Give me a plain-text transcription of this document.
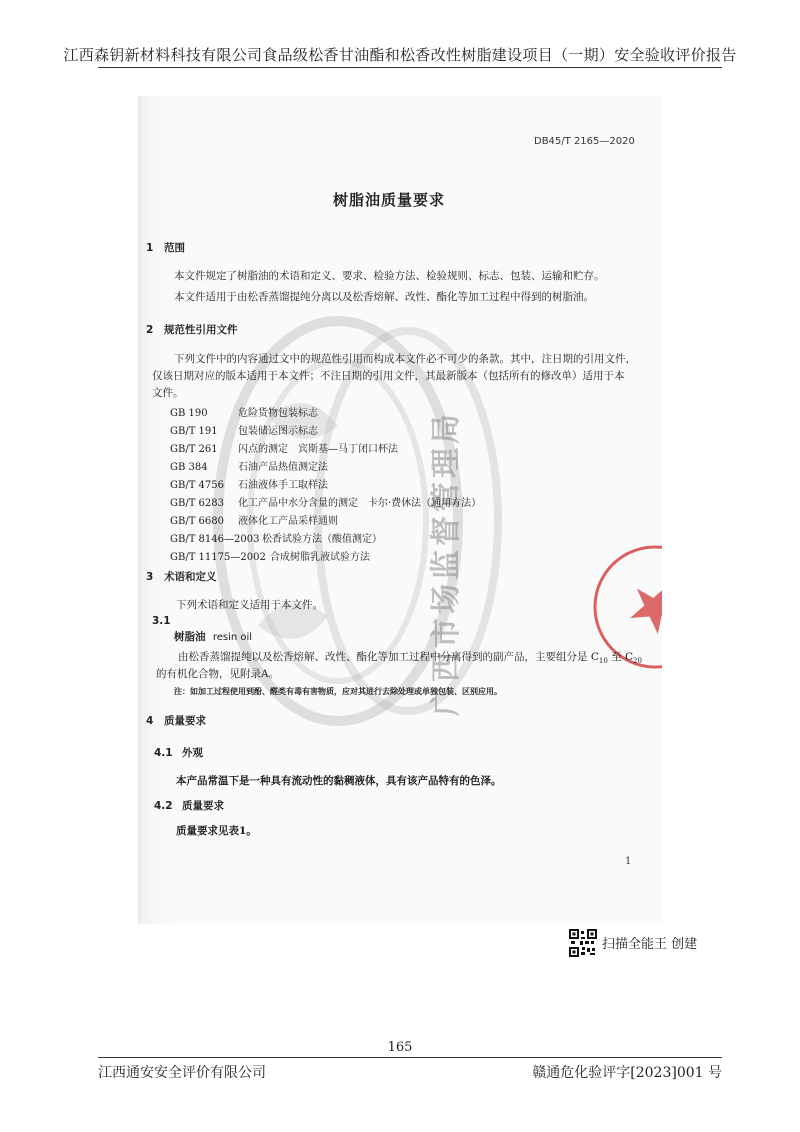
江西森钥新材料科技有限公司食品级松香甘油酯和松香改性树脂建设项目（一期）安全验收评价报告
广西市场监督管理局
DB45/T 2165—2020
树脂油质量要求
1 范围
本文件规定了树脂油的术语和定义、要求、检验方法、检验规则、标志、包装、运输和贮存。
本文件适用于由松香蒸馏提纯分离以及松香熔解、改性、酯化等加工过程中得到的树脂油。
2 规范性引用文件
下列文件中的内容通过文中的规范性引用而构成本文件必不可少的条款。其中，注日期的引用文件，
仅该日期对应的版本适用于本文件；不注日期的引用文件，其最新版本（包括所有的修改单）适用于本
文件。
GB 190	危险货物包装标志
GB/T 191 包装储运图示标志
GB/T 261 闪点的测定　宾斯基—马丁闭口杯法
GB 384	石油产品热值测定法
GB/T 4756 石油液体手工取样法
GB/T 6283 化工产品中水分含量的测定　卡尔·费休法（通用方法）
GB/T 6680 液体化工产品采样通则
GB/T 8146—2003 松香试验方法（酸值测定）
GB/T 11175—2002 合成树脂乳液试验方法
3 术语和定义
下列术语和定义适用于本文件。
3.1
树脂油 resin oil
由松香蒸馏提纯以及松香熔解、改性、酯化等加工过程中分离得到的副产品，主要组分是 $C_{10}$ 至 $C_{20}$
的有机化合物，见附录A。
注：如加工过程使用到酚、醛类有毒有害物质，应对其进行去除处理或单独包装、区别应用。
4 质量要求
4.1 外观
本产品常温下是一种具有流动性的黏稠液体，具有该产品特有的色泽。
4.2 质量要求
质量要求见表1。
1
扫描全能王 创建
165
江西通安安全评价有限公司	赣通危化验评字[2023]001 号
